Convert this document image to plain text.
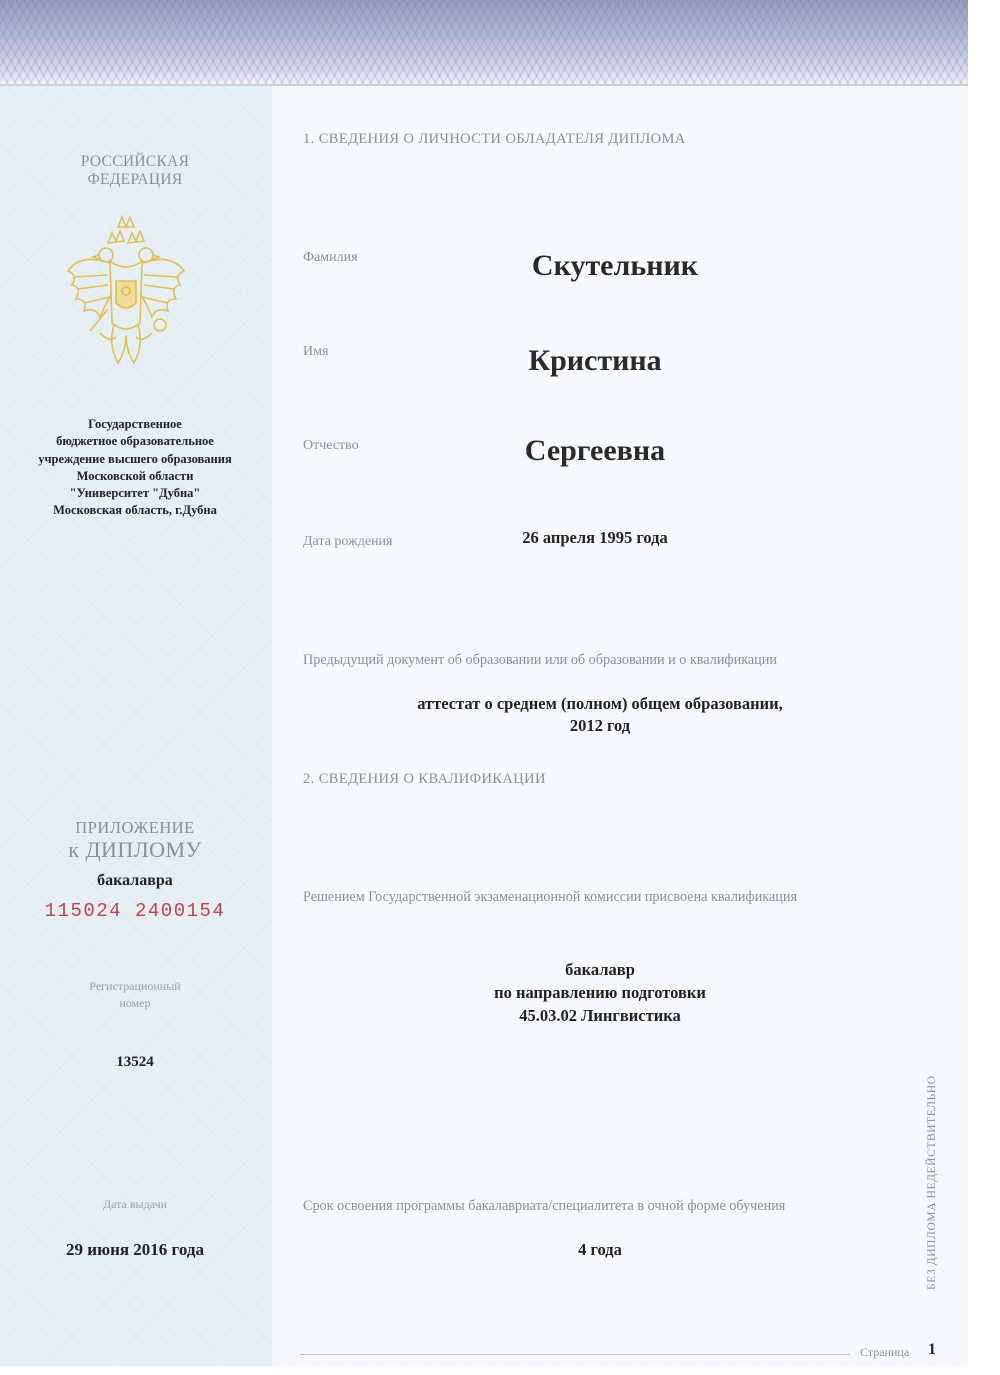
РОССИЙСКАЯ
ФЕДЕРАЦИЯ
Государственное
бюджетное образовательное
учреждение высшего образования
Московской области
"Университет "Дубна"
Московская область, г.Дубна
ПРИЛОЖЕНИЕ
к ДИПЛОМУ
бакалавра
115024 2400154
Регистрационный
номер
13524
Дата выдачи
29 июня 2016 года
1. СВЕДЕНИЯ О ЛИЧНОСТИ ОБЛАДАТЕЛЯ ДИПЛОМА
Фамилия	Скутельник
Имя	Кристина
Отчество	Сергеевна
Дата рождения	26 апреля 1995 года
Предыдущий документ об образовании или об образовании и о квалификации
аттестат о среднем (полном) общем образовании,
2012 год
2. СВЕДЕНИЯ О КВАЛИФИКАЦИИ
Решением Государственной экзаменационной комиссии присвоена квалификация
бакалавр
по направлению подготовки
45.03.02 Лингвистика
Срок освоения программы бакалавриата/специалитета в очной форме обучения
4 года	БЕЗ ДИПЛОМА НЕДЕЙСТВИТЕЛЬНО
Страница 1
